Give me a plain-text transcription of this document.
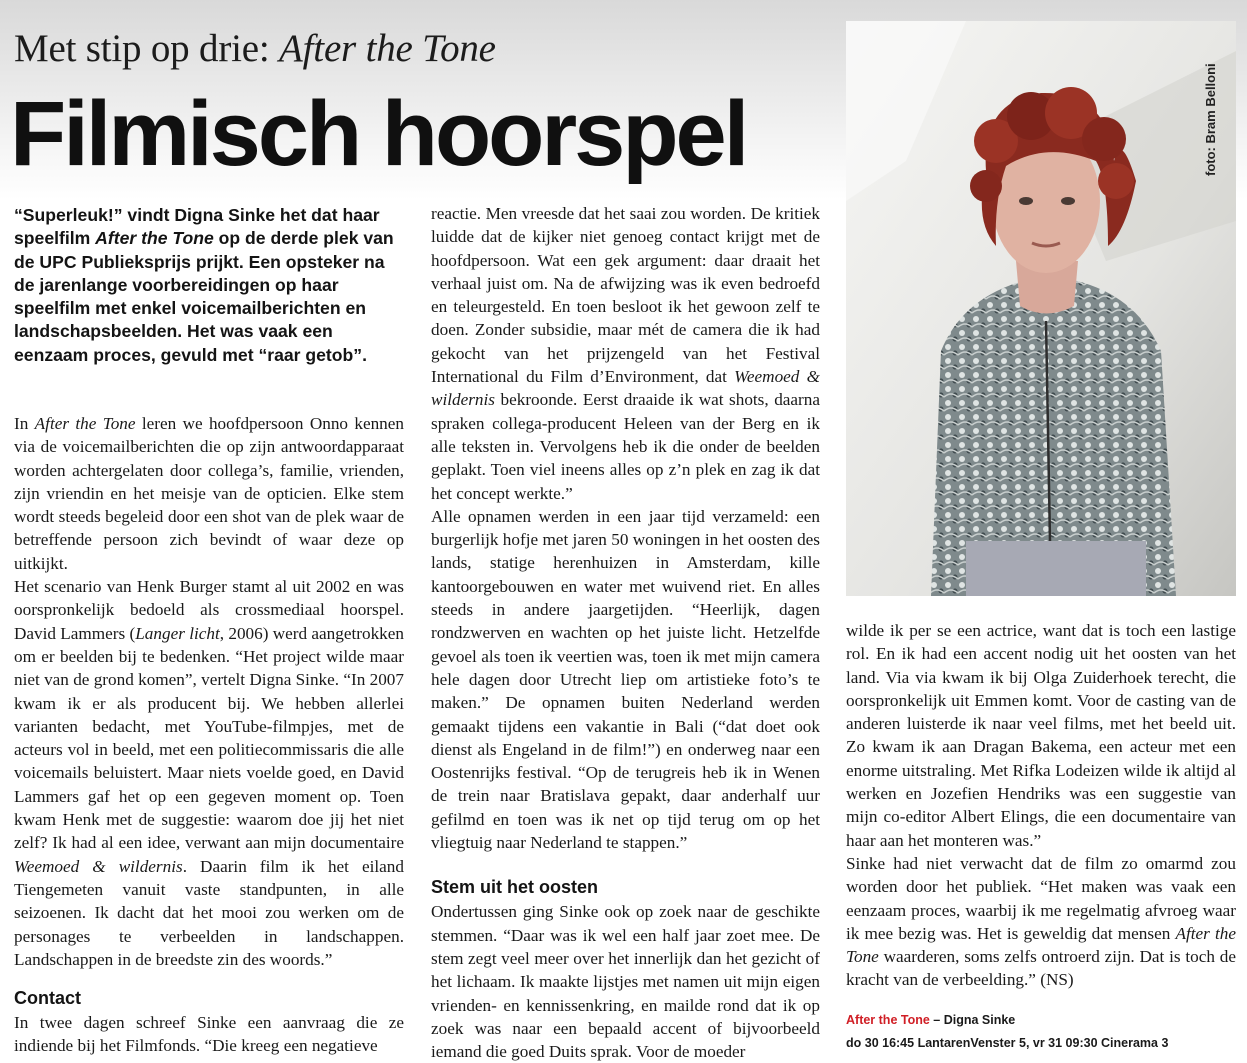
Met stip op drie: After the Tone
Filmisch hoorspel
“Superleuk!” vindt Digna Sinke het dat haar speelfilm After the Tone op de derde plek van de UPC Publieksprijs prijkt. Een opsteker na de jarenlange voorbereidingen op haar speelfilm met enkel voicemailberichten en landschapsbeelden. Het was vaak een eenzaam proces, gevuld met “raar getob”.

In After the Tone leren we hoofdpersoon Onno kennen via de voicemailberichten die op zijn antwoordapparaat worden achtergelaten door collega’s, familie, vrienden, zijn vriendin en het meisje van de opticien. Elke stem wordt steeds begeleid door een shot van de plek waar de betreffende persoon zich bevindt of waar deze op uitkijkt.

Het scenario van Henk Burger stamt al uit 2002 en was oorspronkelijk bedoeld als crossmediaal hoorspel. David Lammers (Langer licht, 2006) werd aangetrokken om er beelden bij te bedenken. “Het project wilde maar niet van de grond komen”, vertelt Digna Sinke. “In 2007 kwam ik er als producent bij. We hebben allerlei varianten bedacht, met YouTube-filmpjes, met de acteurs vol in beeld, met een politiecommissaris die alle voicemails beluistert. Maar niets voelde goed, en David Lammers gaf het op een gegeven moment op. Toen kwam Henk met de suggestie: waarom doe jij het niet zelf? Ik had al een idee, verwant aan mijn documentaire Weemoed & wildernis. Daarin film ik het eiland Tiengemeten vanuit vaste standpunten, in alle seizoenen. Ik dacht dat het mooi zou werken om de personages te verbeelden in landschappen. Landschappen in de breedste zin des woords.”

Contact

In twee dagen schreef Sinke een aanvraag die ze indiende bij het Filmfonds. “Die kreeg een negatieve

reactie. Men vreesde dat het saai zou worden. De kritiek luidde dat de kijker niet genoeg contact krijgt met de hoofdpersoon. Wat een gek argument: daar draait het verhaal juist om. Na de afwijzing was ik even bedroefd en teleurgesteld. En toen besloot ik het gewoon zelf te doen. Zonder subsidie, maar mét de camera die ik had gekocht van het prijzengeld van het Festival International du Film d’Environment, dat Weemoed & wildernis bekroonde. Eerst draaide ik wat shots, daarna spraken collega-producent Heleen van der Berg en ik alle teksten in. Vervolgens heb ik die onder de beelden geplakt. Toen viel ineens alles op z’n plek en zag ik dat het concept werkte.”

Alle opnamen werden in een jaar tijd verzameld: een burgerlijk hofje met jaren 50 woningen in het oosten des lands, statige herenhuizen in Amsterdam, kille kantoorgebouwen en water met wuivend riet. En alles steeds in andere jaargetijden. “Heerlijk, dagen rondzwerven en wachten op het juiste licht. Hetzelfde gevoel als toen ik veertien was, toen ik met mijn camera hele dagen door Utrecht liep om artistieke foto’s te maken.” De opnamen buiten Nederland werden gemaakt tijdens een vakantie in Bali (“dat doet ook dienst als Engeland in de film!”) en onderweg naar een Oostenrijks festival. “Op de terugreis heb ik in Wenen de trein naar Bratislava gepakt, daar anderhalf uur gefilmd en toen was ik net op tijd terug om op het vliegtuig naar Nederland te stappen.”

Stem uit het oosten

Ondertussen ging Sinke ook op zoek naar de geschikte stemmen. “Daar was ik wel een half jaar zoet mee. De stem zegt veel meer over het innerlijk dan het gezicht of het lichaam. Ik maakte lijstjes met namen uit mijn eigen vrienden- en kennissenkring, en mailde rond dat ik op zoek was naar een bepaald accent of bijvoorbeeld iemand die goed Duits sprak. Voor de moeder

foto: Bram Belloni

wilde ik per se een actrice, want dat is toch een lastige rol. En ik had een accent nodig uit het oosten van het land. Via via kwam ik bij Olga Zuiderhoek terecht, die oorspronkelijk uit Emmen komt. Voor de casting van de anderen luisterde ik naar veel films, met het beeld uit. Zo kwam ik aan Dragan Bakema, een acteur met een enorme uitstraling. Met Rifka Lodeizen wilde ik altijd al werken en Jozefien Hendriks was een suggestie van mijn co-editor Albert Elings, die een documentaire van haar aan het monteren was.”

Sinke had niet verwacht dat de film zo omarmd zou worden door het publiek. “Het maken was vaak een eenzaam proces, waarbij ik me regelmatig afvroeg waar ik mee bezig was. Het is geweldig dat mensen After the Tone waarderen, soms zelfs ontroerd zijn. Dat is toch de kracht van de verbeelding.” (NS)

After the Tone – Digna Sinke
do 30 16:45 LantarenVenster 5, vr 31 09:30 Cinerama 3
